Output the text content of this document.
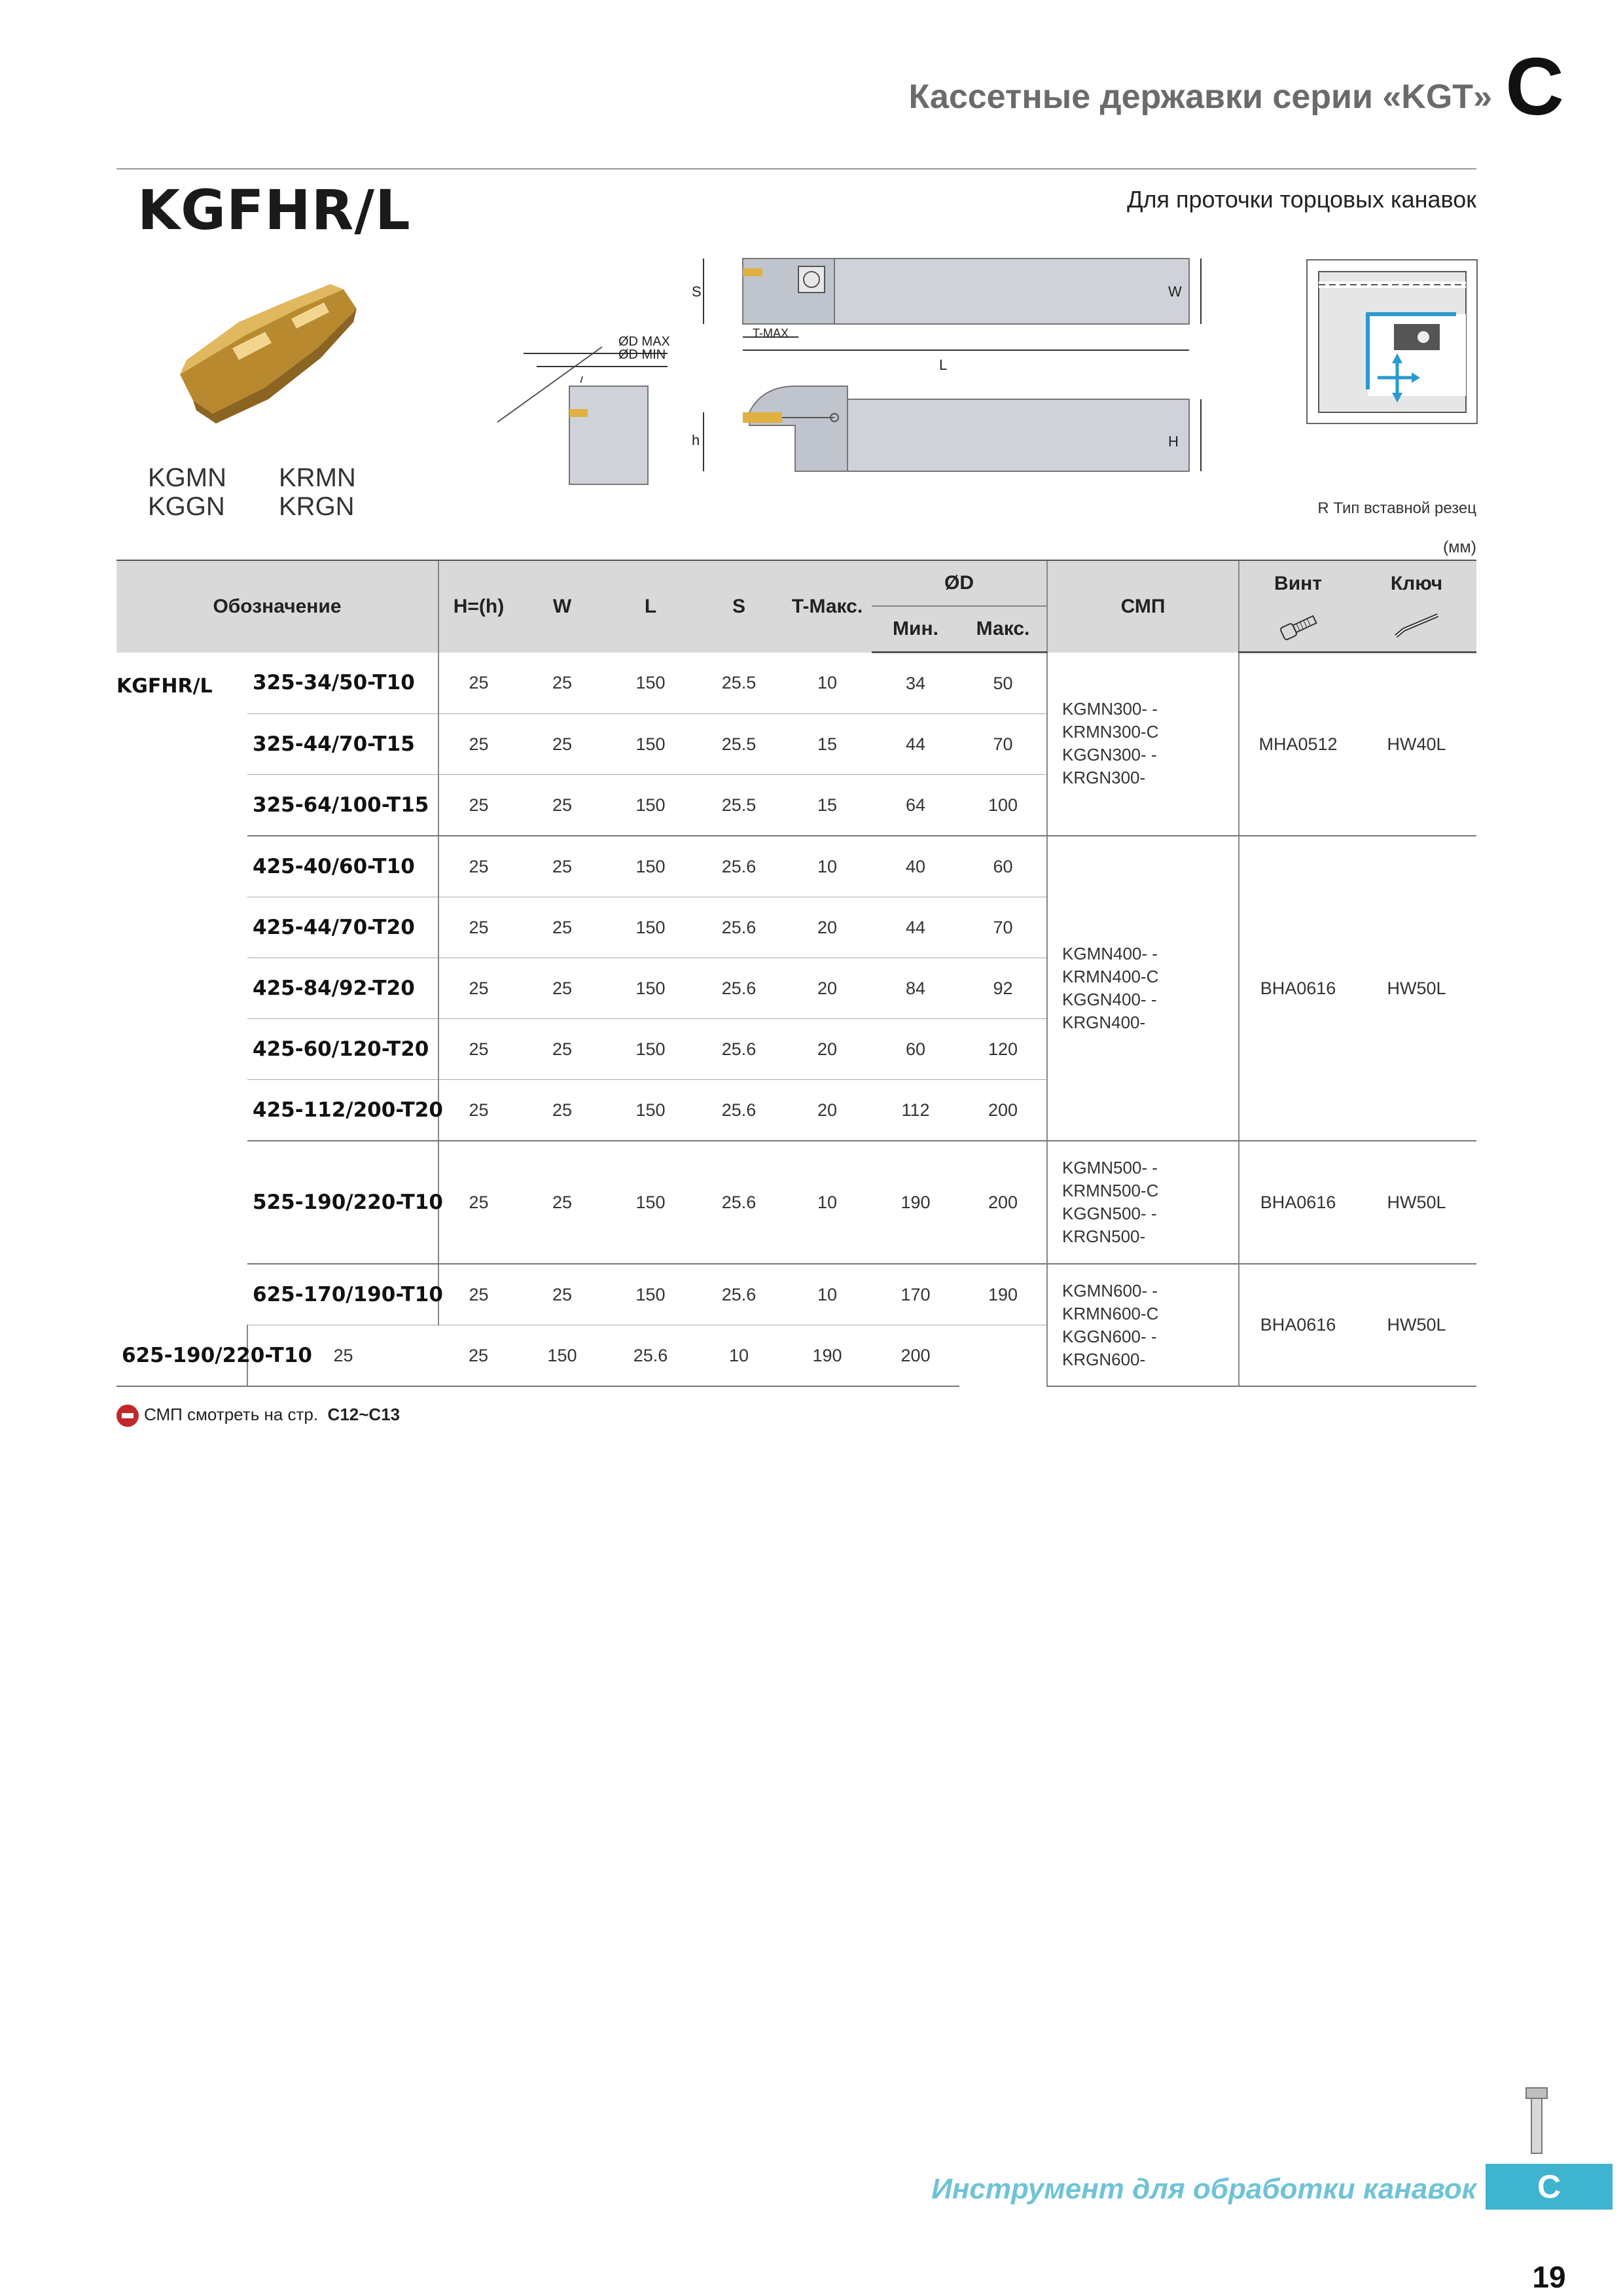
Кассетные державки серии «KGT» C
KGFHR/L	Для проточки торцовых канавок
KGMN KRMN
KGGN KRGN
ØD MAX
ØD MIN
S	W
T-MAX
L
h	H
R Тип вставной резец
(мм)
Обозначение		H=(h)	W	L	S	T-Макс.	ØD		СМП	Винт	Ключ
							Мин.	Макс.		
KGFHR/L	325-34/50-T10	25	25	150	25.5	10	34	50	KGMN300- -
KRMN300-C
KGGN300- -
KRGN300-	MHA0512	HW40L
	325-44/70-T15	25	25	150	25.5	15	44	70			
	325-64/100-T15	25	25	150	25.5	15	64	100			
	425-40/60-T10	25	25	150	25.6	10	40	60	KGMN400- -
KRMN400-C
KGGN400- -
KRGN400-	BHA0616	HW50L
	425-44/70-T20	25	25	150	25.6	20	44	70			
	425-84/92-T20	25	25	150	25.6	20	84	92			
	425-60/120-T20	25	25	150	25.6	20	60	120			
	425-112/200-T20	25	25	150	25.6	20	112	200			
	525-190/220-T10	25	25	150	25.6	10	190	200	KGMN500- -
KRMN500-C
KGGN500- -
KRGN500-	BHA0616	HW50L
	625-170/190-T10	25	25	150	25.6	10	170	190	KGMN600- -
KRMN600-C
KGGN600- -
KRGN600-	BHA0616	HW50L
625-190/220-T10	25	25	150	25.6	10	190	200				
СМП смотреть на стр. C12~C13
Инструмент для обработки канавок	C
19
